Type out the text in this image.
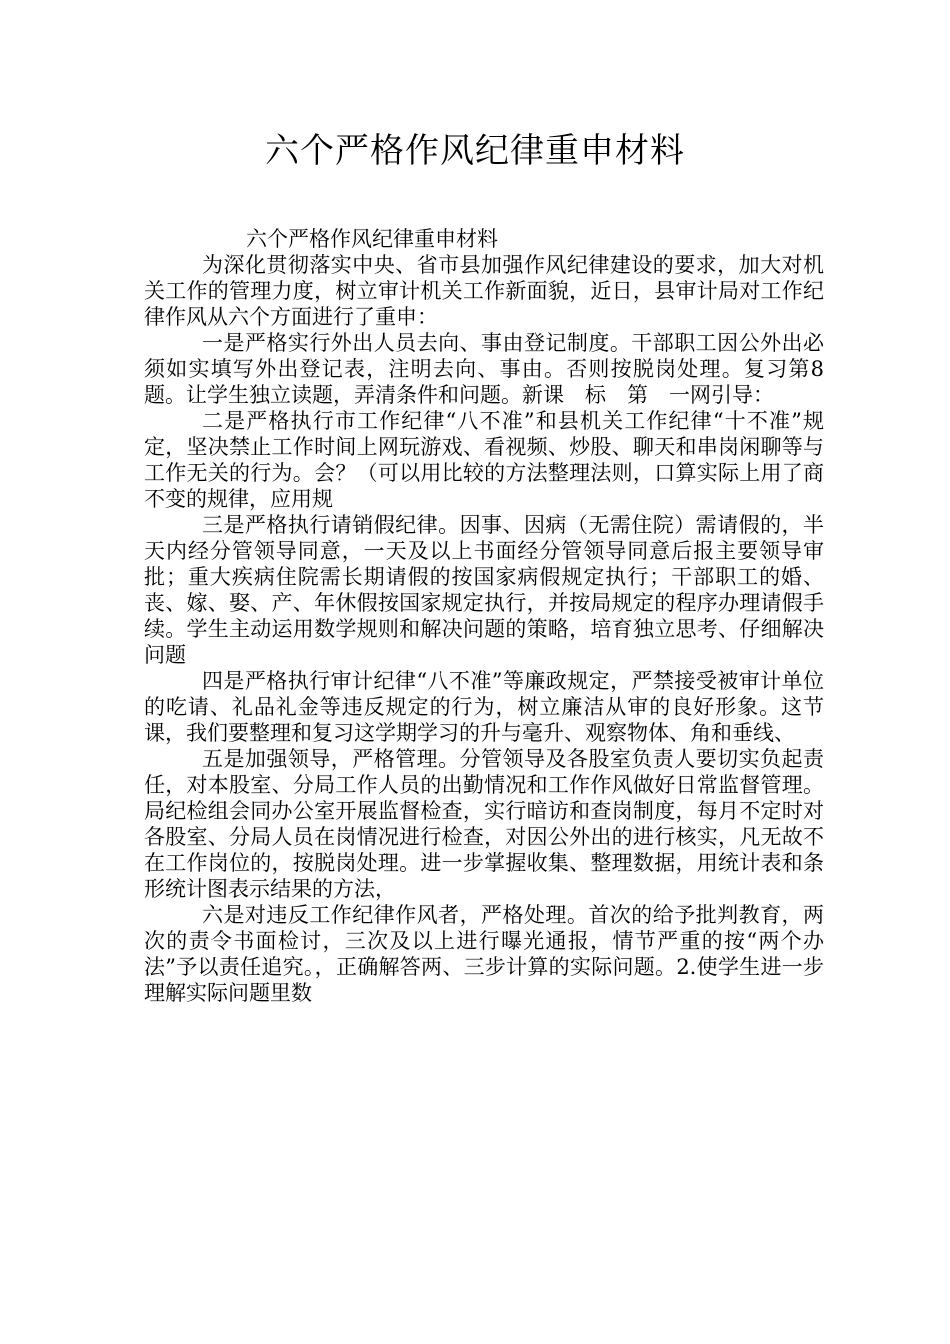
六个严格作风纪律重申材料

六个严格作风纪律重申材料

为深化贯彻落实中央、省市县加强作风纪律建设的要求，加大对机关工作的管理力度，树立审计机关工作新面貌，近日，县审计局对工作纪律作风从六个方面进行了重申：

一是严格实行外出人员去向、事由登记制度。干部职工因公外出必须如实填写外出登记表，注明去向、事由。否则按脱岗处理。复习第8题。让学生独立读题，弄清条件和问题。新课　标　第　一网引导：

二是严格执行市工作纪律“八不准”和县机关工作纪律“十不准”规定，坚决禁止工作时间上网玩游戏、看视频、炒股、聊天和串岗闲聊等与工作无关的行为。会？（可以用比较的方法整理法则，口算实际上用了商不变的规律，应用规

三是严格执行请销假纪律。因事、因病（无需住院）需请假的，半天内经分管领导同意，一天及以上书面经分管领导同意后报主要领导审批；重大疾病住院需长期请假的按国家病假规定执行；干部职工的婚、丧、嫁、娶、产、年休假按国家规定执行，并按局规定的程序办理请假手续。学生主动运用数学规则和解决问题的策略，培育独立思考、仔细解决问题

四是严格执行审计纪律“八不准”等廉政规定，严禁接受被审计单位的吃请、礼品礼金等违反规定的行为，树立廉洁从审的良好形象。这节课，我们要整理和复习这学期学习的升与毫升、观察物体、角和垂线、

五是加强领导，严格管理。分管领导及各股室负责人要切实负起责任，对本股室、分局工作人员的出勤情况和工作作风做好日常监督管理。局纪检组会同办公室开展监督检查，实行暗访和查岗制度，每月不定时对各股室、分局人员在岗情况进行检查，对因公外出的进行核实，凡无故不在工作岗位的，按脱岗处理。进一步掌握收集、整理数据，用统计表和条形统计图表示结果的方法，

六是对违反工作纪律作风者，严格处理。首次的给予批判教育，两次的责令书面检讨，三次及以上进行曝光通报，情节严重的按“两个办法”予以责任追究。，正确解答两、三步计算的实际问题。2.使学生进一步理解实际问题里数
